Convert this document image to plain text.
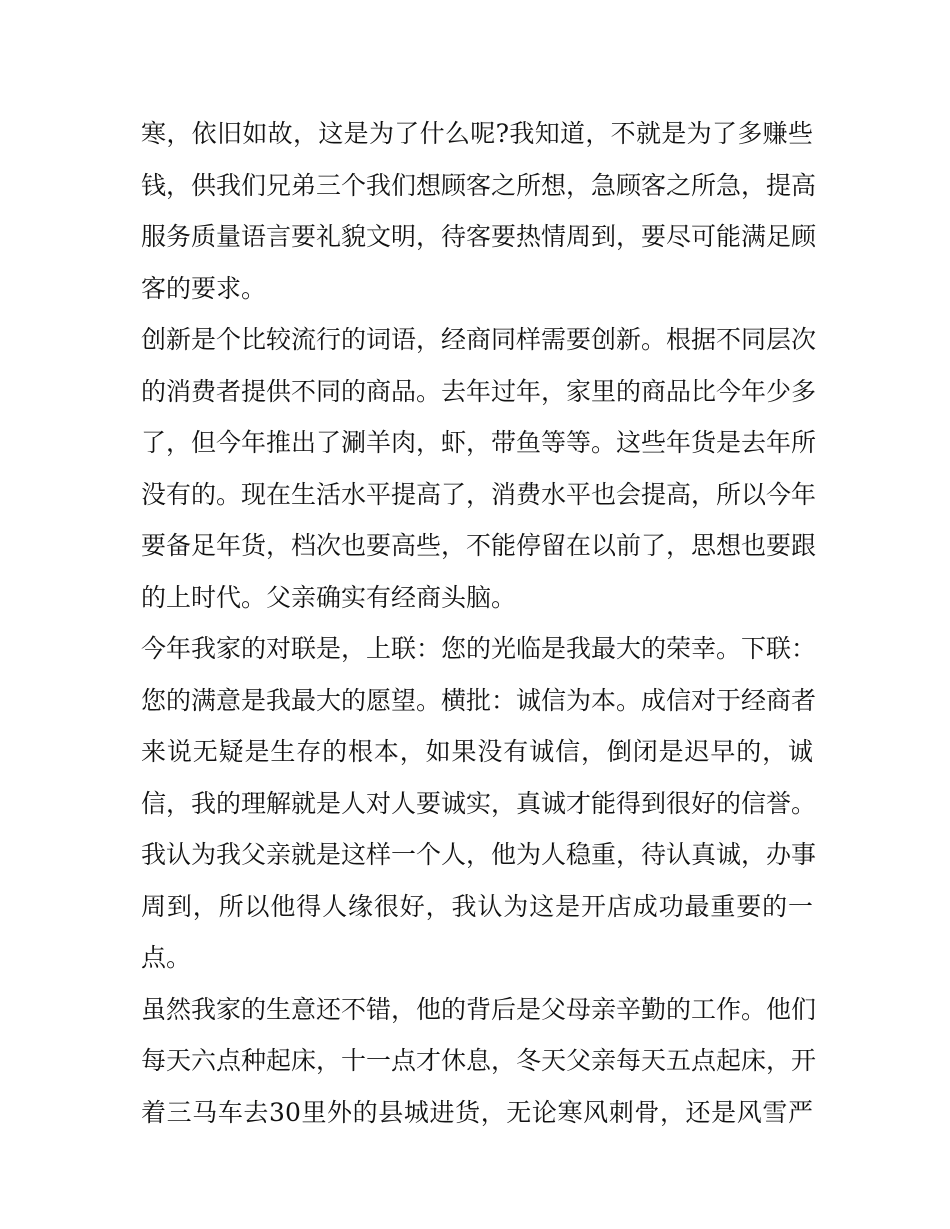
寒，依旧如故，这是为了什么呢?我知道，不就是为了多赚些
钱，供我们兄弟三个我们想顾客之所想，急顾客之所急，提高
服务质量语言要礼貌文明，待客要热情周到，要尽可能满足顾
客的要求。
创新是个比较流行的词语，经商同样需要创新。根据不同层次
的消费者提供不同的商品。去年过年，家里的商品比今年少多
了，但今年推出了涮羊肉，虾，带鱼等等。这些年货是去年所
没有的。现在生活水平提高了，消费水平也会提高，所以今年
要备足年货，档次也要高些，不能停留在以前了，思想也要跟
的上时代。父亲确实有经商头脑。
今年我家的对联是，上联：您的光临是我最大的荣幸。下联：
您的满意是我最大的愿望。横批：诚信为本。成信对于经商者
来说无疑是生存的根本，如果没有诚信，倒闭是迟早的，诚
信，我的理解就是人对人要诚实，真诚才能得到很好的信誉。
我认为我父亲就是这样一个人，他为人稳重，待认真诚，办事
周到，所以他得人缘很好，我认为这是开店成功最重要的一
点。
虽然我家的生意还不错，他的背后是父母亲辛勤的工作。他们
每天六点种起床，十一点才休息，冬天父亲每天五点起床，开
着三马车去30里外的县城进货，无论寒风刺骨，还是风雪严
